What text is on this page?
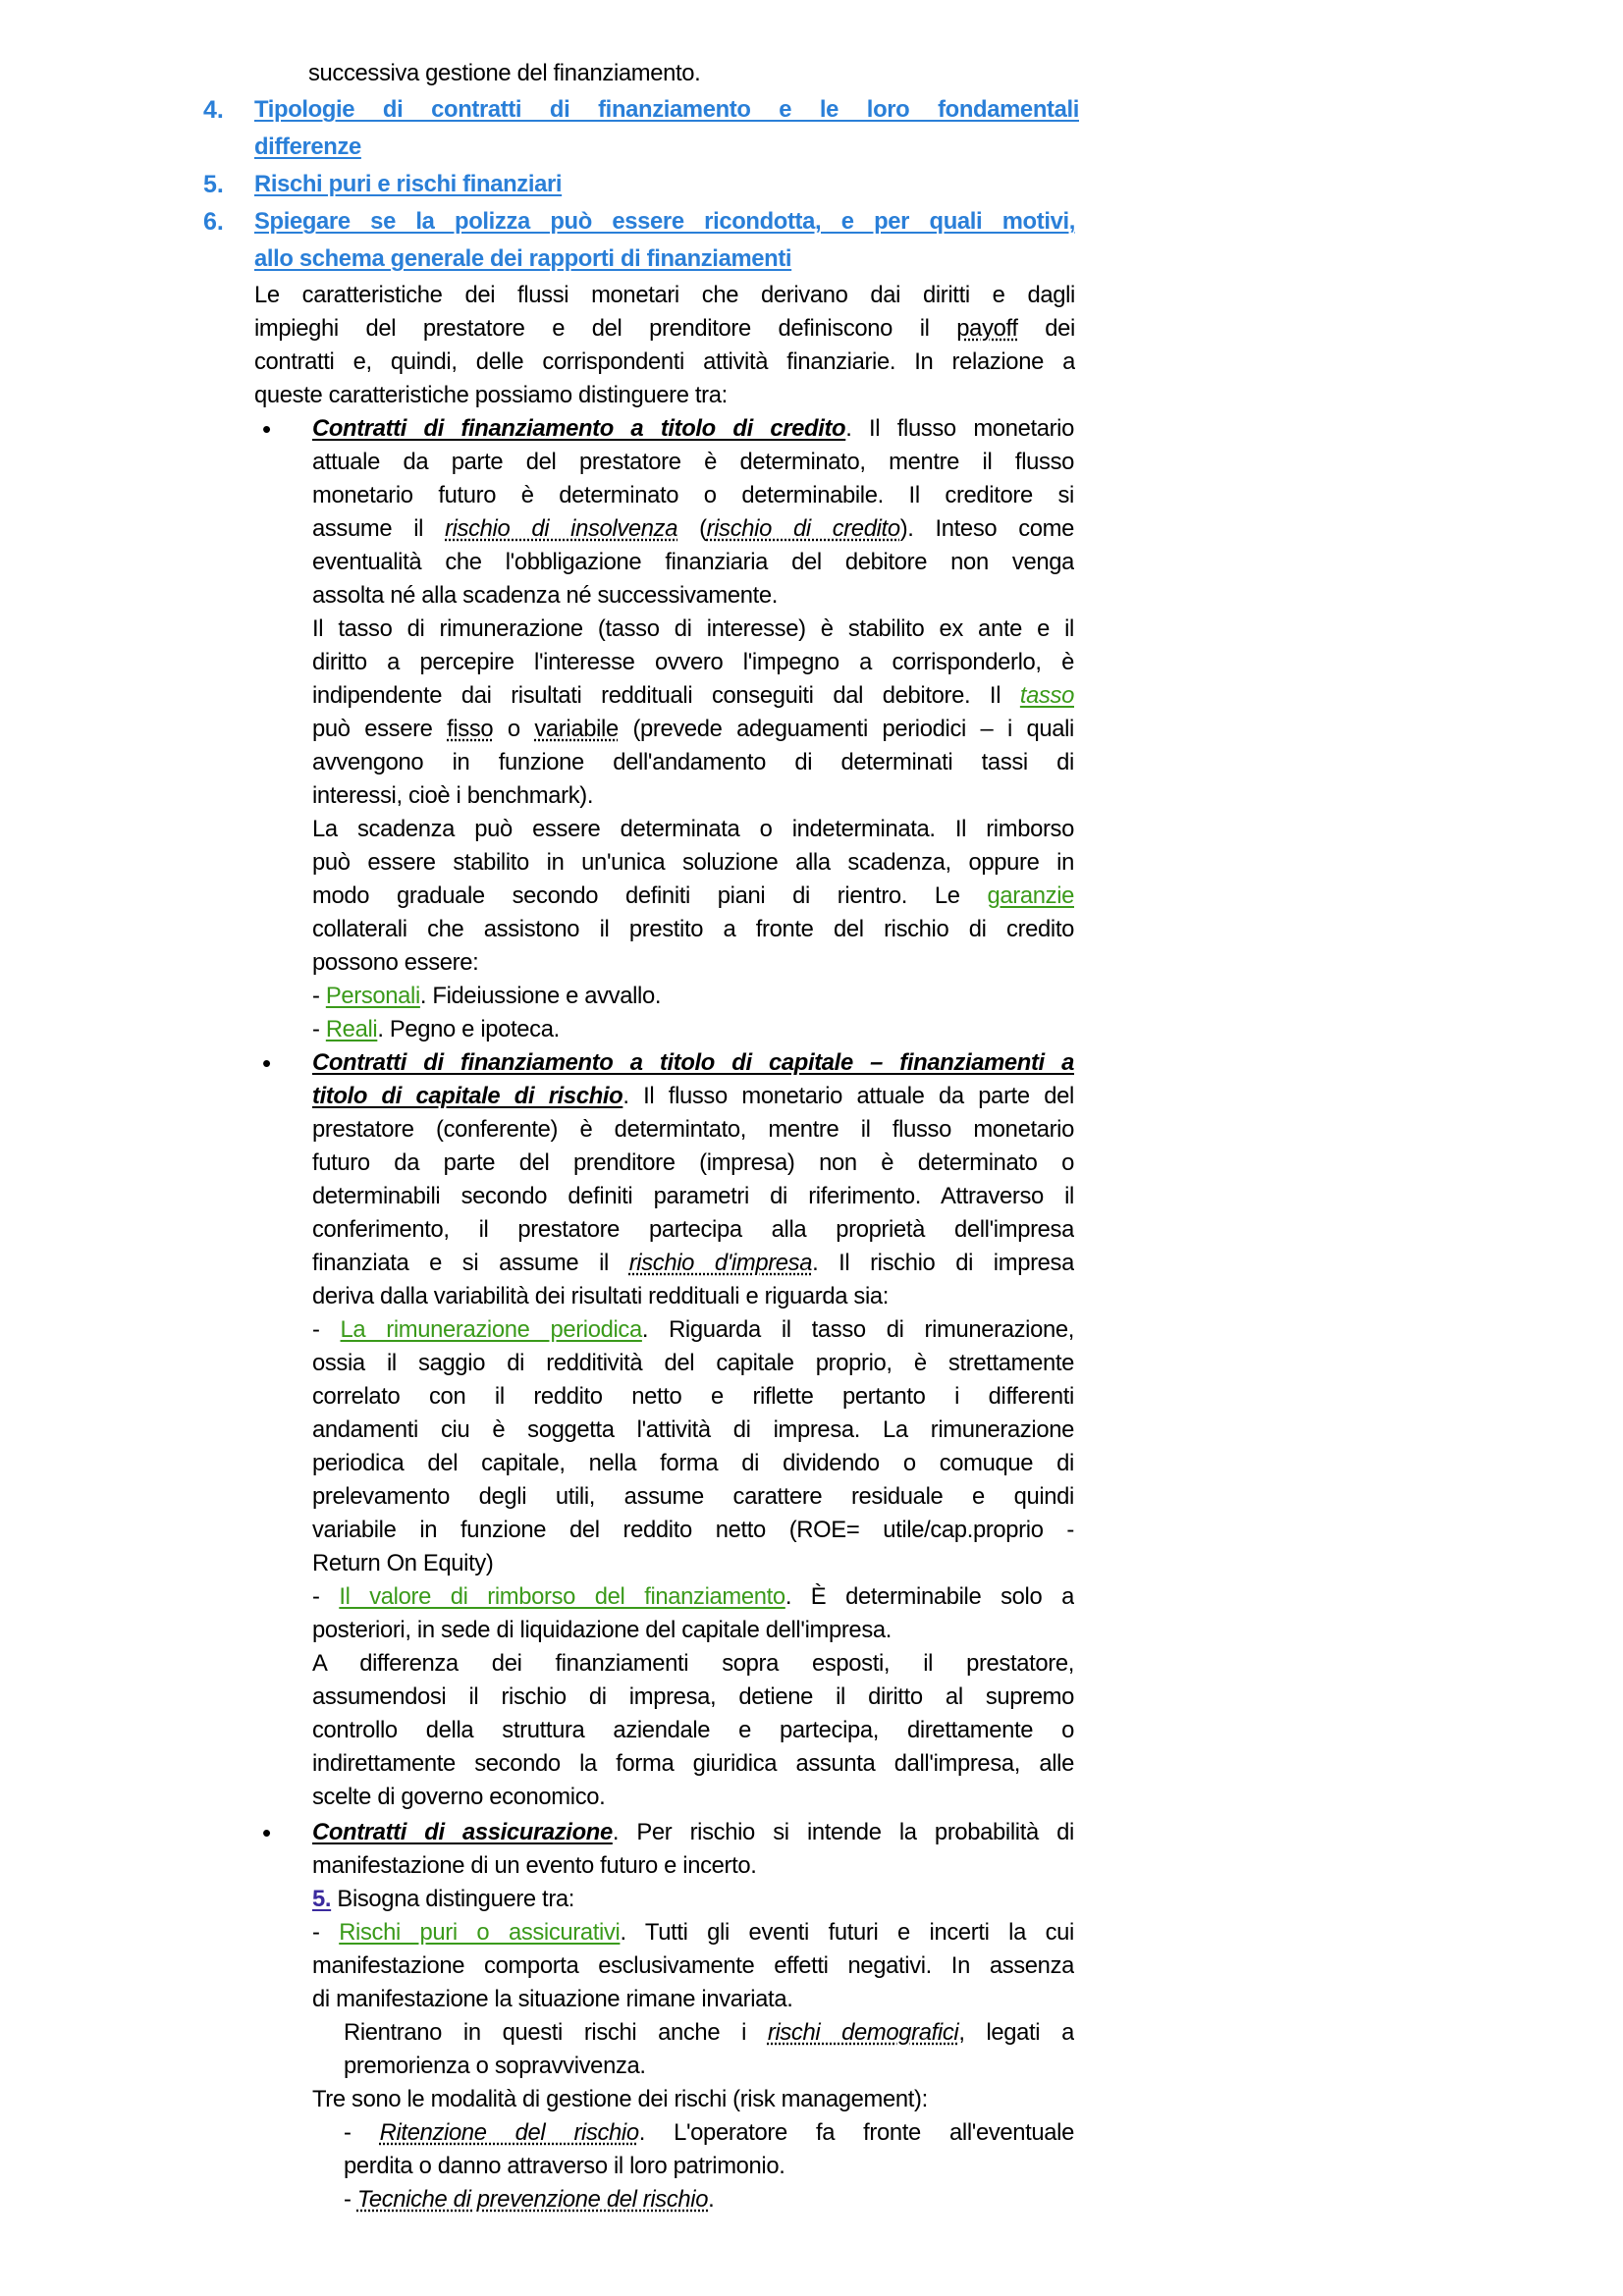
successiva gestione del finanziamento.

4. Tipologie di contratti di finanziamento e le loro fondamentali

differenze

5. Rischi puri e rischi finanziari

6. Spiegare se la polizza può essere ricondotta, e per quali motivi,

allo schema generale dei rapporti di finanziamenti

Le caratteristiche dei flussi monetari che derivano dai diritti e dagli

impieghi del prestatore e del prenditore definiscono il payoff dei

contratti e, quindi, delle corrispondenti attività finanziarie. In relazione a

queste caratteristiche possiamo distinguere tra:

• Contratti di finanziamento a titolo di credito. Il flusso monetario

attuale da parte del prestatore è determinato, mentre il flusso

monetario futuro è determinato o determinabile. Il creditore si

assume il rischio di insolvenza (rischio di credito). Inteso come

eventualità che l'obbligazione finanziaria del debitore non venga

assolta né alla scadenza né successivamente.

Il tasso di rimunerazione (tasso di interesse) è stabilito ex ante e il

diritto a percepire l'interesse ovvero l'impegno a corrisponderlo, è

indipendente dai risultati reddituali conseguiti dal debitore. Il tasso

può essere fisso o variabile (prevede adeguamenti periodici – i quali

avvengono in funzione dell'andamento di determinati tassi di

interessi, cioè i benchmark).

La scadenza può essere determinata o indeterminata. Il rimborso

può essere stabilito in un'unica soluzione alla scadenza, oppure in

modo graduale secondo definiti piani di rientro. Le garanzie

collaterali che assistono il prestito a fronte del rischio di credito

possono essere:

- Personali. Fideiussione e avvallo.

- Reali. Pegno e ipoteca.

• Contratti di finanziamento a titolo di capitale – finanziamenti a

titolo di capitale di rischio. Il flusso monetario attuale da parte del

prestatore (conferente) è determintato, mentre il flusso monetario

futuro da parte del prenditore (impresa) non è determinato o

determinabili secondo definiti parametri di riferimento. Attraverso il

conferimento, il prestatore partecipa alla proprietà dell'impresa

finanziata e si assume il rischio d'impresa. Il rischio di impresa

deriva dalla variabilità dei risultati reddituali e riguarda sia:

- La rimunerazione periodica. Riguarda il tasso di rimunerazione,

ossia il saggio di redditività del capitale proprio, è strettamente

correlato con il reddito netto e riflette pertanto i differenti

andamenti ciu è soggetta l'attività di impresa. La rimunerazione

periodica del capitale, nella forma di dividendo o comuque di

prelevamento degli utili, assume carattere residuale e quindi

variabile in funzione del reddito netto (ROE= utile/cap.proprio -

Return On Equity)

- Il valore di rimborso del finanziamento. È determinabile solo a

posteriori, in sede di liquidazione del capitale dell'impresa.

A differenza dei finanziamenti sopra esposti, il prestatore,

assumendosi il rischio di impresa, detiene il diritto al supremo

controllo della struttura aziendale e partecipa, direttamente o

indirettamente secondo la forma giuridica assunta dall'impresa, alle

scelte di governo economico.

• Contratti di assicurazione. Per rischio si intende la probabilità di

manifestazione di un evento futuro e incerto.

5. Bisogna distinguere tra:

- Rischi puri o assicurativi. Tutti gli eventi futuri e incerti la cui

manifestazione comporta esclusivamente effetti negativi. In assenza

di manifestazione la situazione rimane invariata.

Rientrano in questi rischi anche i rischi demografici, legati a

premorienza o sopravvivenza.

Tre sono le modalità di gestione dei rischi (risk management):

- Ritenzione del rischio. L'operatore fa fronte all'eventuale

perdita o danno attraverso il loro patrimonio.

- Tecniche di prevenzione del rischio.
